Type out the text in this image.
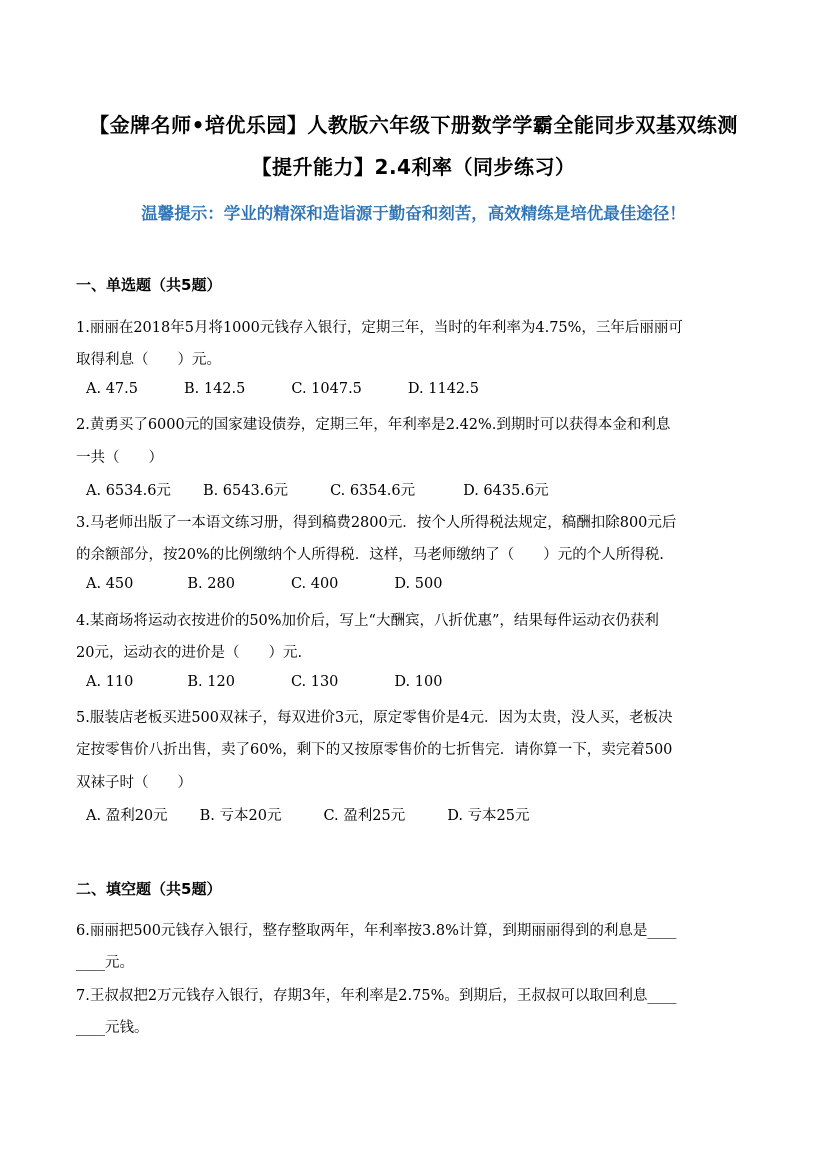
【金牌名师•培优乐园】人教版六年级下册数学学霸全能同步双基双练测
【提升能力】2.4利率（同步练习）
温馨提示：学业的精深和造诣源于勤奋和刻苦，高效精练是培优最佳途径！
一、单选题（共5题）
1.丽丽在2018年5月将1000元钱存入银行，定期三年，当时的年利率为4.75%，三年后丽丽可
取得利息（　　）元。
A. 47.5	B. 142.5	C. 1047.5	D. 1142.5
2.黄勇买了6000元的国家建设债券，定期三年，年利率是2.42%.到期时可以获得本金和利息
一共（　　）
A. 6534.6元 B. 6543.6元	C. 6354.6元	D. 6435.6元
3.马老师出版了一本语文练习册，得到稿费2800元．按个人所得税法规定，稿酬扣除800元后
的余额部分，按20%的比例缴纳个人所得税．这样，马老师缴纳了（　　）元的个人所得税.
A. 450	B. 280	C. 400	D. 500
4.某商场将运动衣按进价的50%加价后，写上“大酬宾，八折优惠”，结果每件运动衣仍获利
20元，运动衣的进价是（　　）元.
A. 110	B. 120	C. 130	D. 100
5.服装店老板买进500双袜子，每双进价3元，原定零售价是4元．因为太贵，没人买，老板决
定按零售价八折出售，卖了60%，剩下的又按原零售价的七折售完．请你算一下，卖完着500
双袜子时（　　）
A. 盈利20元 B. 亏本20元	C. 盈利25元	D. 亏本25元
二、填空题（共5题）
6.丽丽把500元钱存入银行，整存整取两年，年利率按3.8%计算，到期丽丽得到的利息是____
____元。
7.王叔叔把2万元钱存入银行，存期3年，年利率是2.75%。到期后，王叔叔可以取回利息____
____元钱。
